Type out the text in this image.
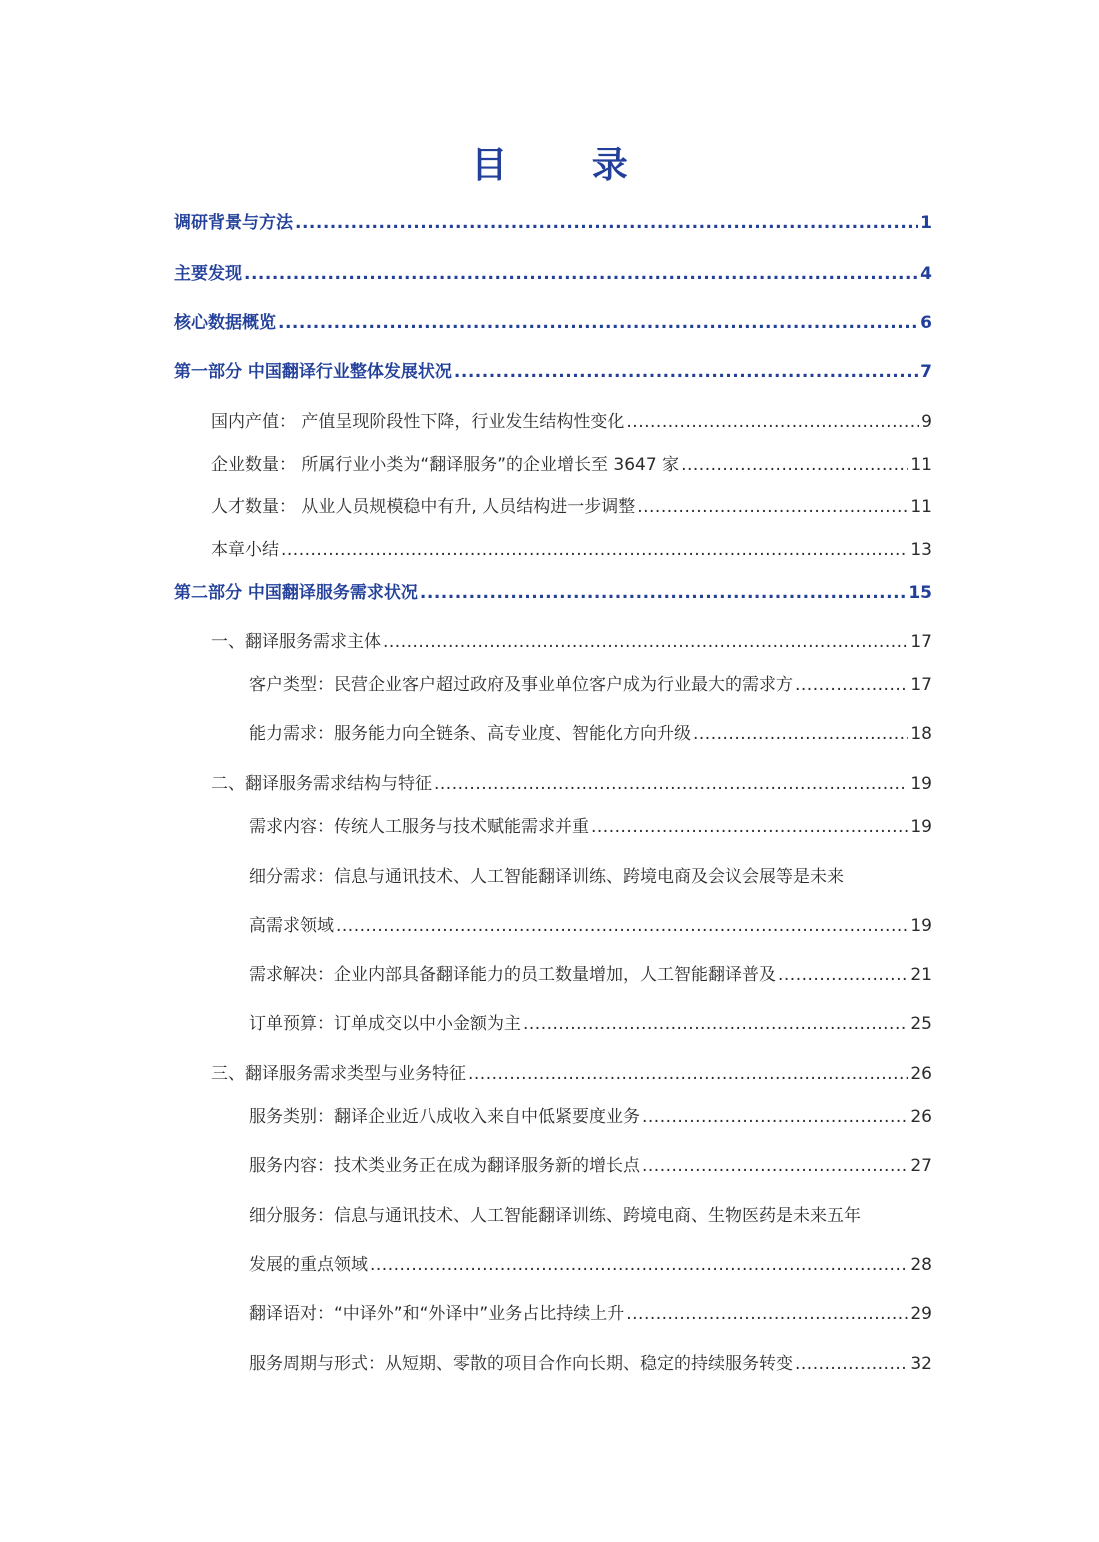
目 录
调研背景与方法 .....	1
主要发现 .....	4
核心数据概览 .....	6
第一部分 中国翻译行业整体发展状况 .....	7
国内产值： 产值呈现阶段性下降，行业发生结构性变化 .....	9
企业数量： 所属行业小类为“翻译服务”的企业增长至 3647 家 .....	11
人才数量： 从业人员规模稳中有升, 人员结构进一步调整 .....	11
本章小结 .....	13
第二部分 中国翻译服务需求状况 .....	15
一、翻译服务需求主体 .....	17
客户类型：民营企业客户超过政府及事业单位客户成为行业最大的需求方 .....	17
能力需求：服务能力向全链条、高专业度、智能化方向升级 .....	18
二、翻译服务需求结构与特征 .....	19
需求内容：传统人工服务与技术赋能需求并重 .....	19
细分需求：信息与通讯技术、人工智能翻译训练、跨境电商及会议会展等是未来
高需求领域 .....	19
需求解决：企业内部具备翻译能力的员工数量增加，人工智能翻译普及 .....	21
订单预算：订单成交以中小金额为主 .....	25
三、翻译服务需求类型与业务特征 .....	26
服务类别：翻译企业近八成收入来自中低紧要度业务 .....	26
服务内容：技术类业务正在成为翻译服务新的增长点 .....	27
细分服务：信息与通讯技术、人工智能翻译训练、跨境电商、生物医药是未来五年
发展的重点领域 .....	28
翻译语对：“中译外”和“外译中”业务占比持续上升 .....	29
服务周期与形式：从短期、零散的项目合作向长期、稳定的持续服务转变 .....	32
